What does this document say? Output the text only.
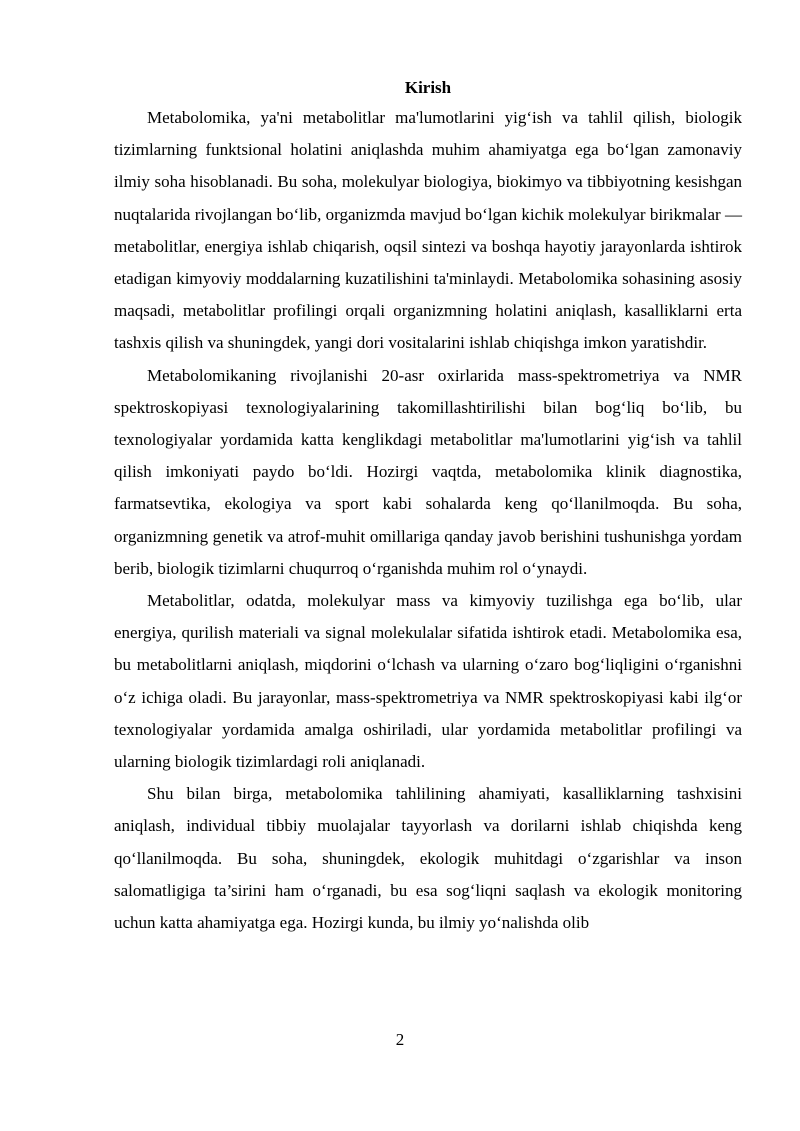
Kirish

Metabolomika, ya'ni metabolitlar ma'lumotlarini yig‘ish va tahlil qilish, biologik tizimlarning funktsional holatini aniqlashda muhim ahamiyatga ega bo‘lgan zamonaviy ilmiy soha hisoblanadi. Bu soha, molekulyar biologiya, biokimyo va tibbiyotning kesishgan nuqtalarida rivojlangan bo‘lib, organizmda mavjud bo‘lgan kichik molekulyar birikmalar — metabolitlar, energiya ishlab chiqarish, oqsil sintezi va boshqa hayotiy jarayonlarda ishtirok etadigan kimyoviy moddalarning kuzatilishini ta'minlaydi. Metabolomika sohasining asosiy maqsadi, metabolitlar profilingi orqali organizmning holatini aniqlash, kasalliklarni erta tashxis qilish va shuningdek, yangi dori vositalarini ishlab chiqishga imkon yaratishdir.

Metabolomikaning rivojlanishi 20-asr oxirlarida mass-spektrometriya va NMR spektroskopiyasi texnologiyalarining takomillashtirilishi bilan bog‘liq bo‘lib, bu texnologiyalar yordamida katta kenglikdagi metabolitlar ma'lumotlarini yig‘ish va tahlil qilish imkoniyati paydo bo‘ldi. Hozirgi vaqtda, metabolomika klinik diagnostika, farmatsevtika, ekologiya va sport kabi sohalarda keng qo‘llanilmoqda. Bu soha, organizmning genetik va atrof-muhit omillariga qanday javob berishini tushunishga yordam berib, biologik tizimlarni chuqurroq o‘rganishda muhim rol o‘ynaydi.

Metabolitlar, odatda, molekulyar mass va kimyoviy tuzilishga ega bo‘lib, ular energiya, qurilish materiali va signal molekulalar sifatida ishtirok etadi. Metabolomika esa, bu metabolitlarni aniqlash, miqdorini o‘lchash va ularning o‘zaro bog‘liqligini o‘rganishni o‘z ichiga oladi. Bu jarayonlar, mass-spektrometriya va NMR spektroskopiyasi kabi ilg‘or texnologiyalar yordamida amalga oshiriladi, ular yordamida metabolitlar profilingi va ularning biologik tizimlardagi roli aniqlanadi.

Shu bilan birga, metabolomika tahlilining ahamiyati, kasalliklarning tashxisini aniqlash, individual tibbiy muolajalar tayyorlash va dorilarni ishlab chiqishda keng qo‘llanilmoqda. Bu soha, shuningdek, ekologik muhitdagi o‘zgarishlar va inson salomatligiga ta’sirini ham o‘rganadi, bu esa sog‘liqni saqlash va ekologik monitoring uchun katta ahamiyatga ega. Hozirgi kunda, bu ilmiy yo‘nalishda olib

2
